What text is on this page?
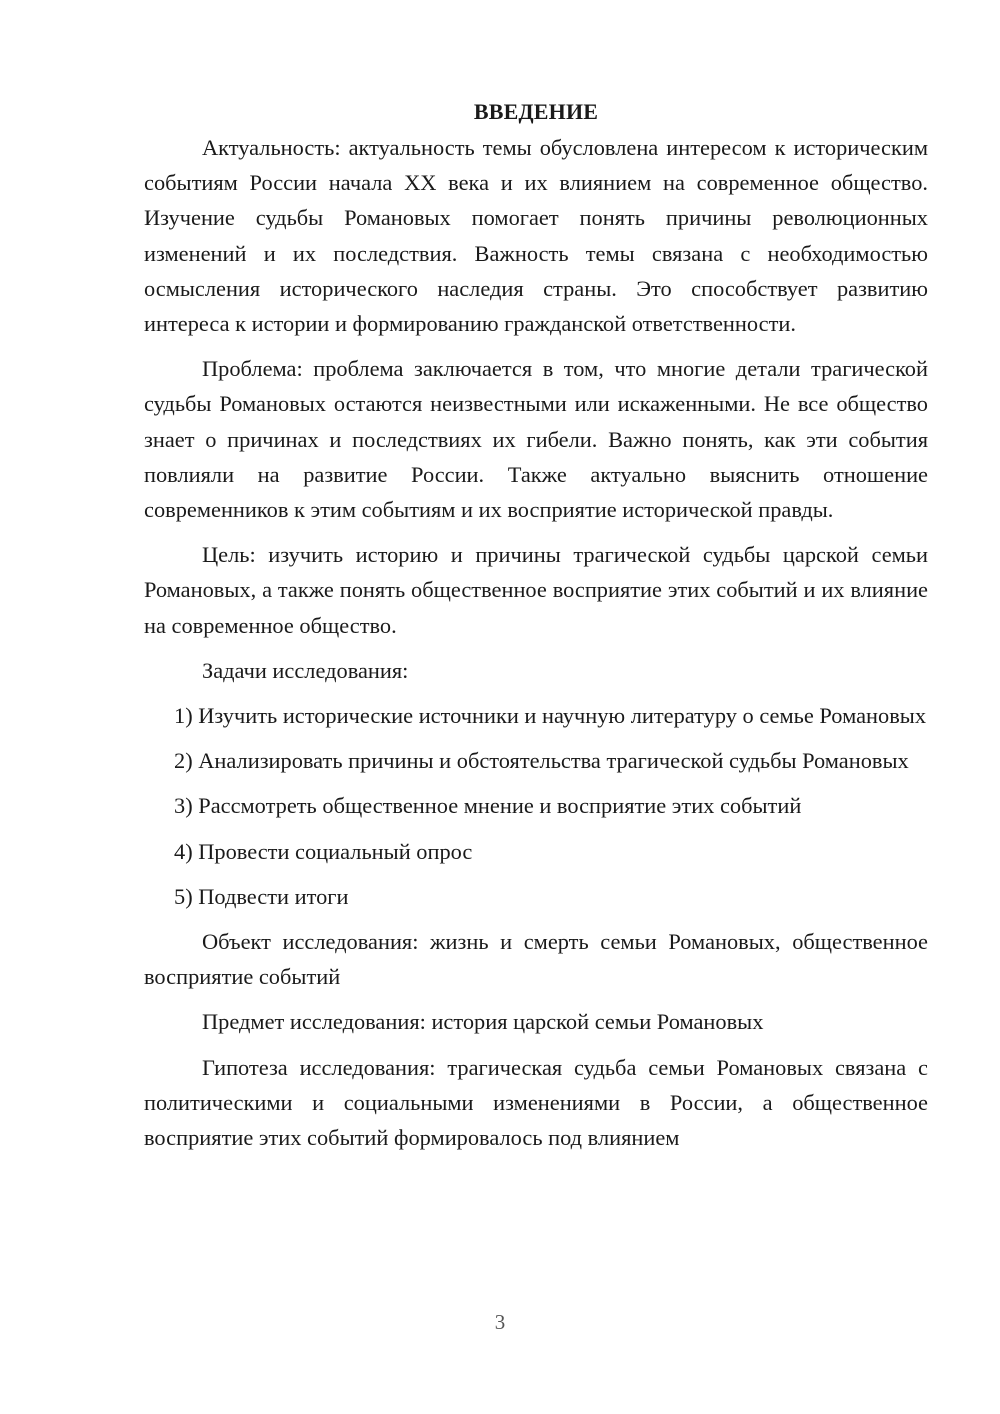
ВВЕДЕНИЕ

Актуальность: актуальность темы обусловлена интересом к историческим событиям России начала XX века и их влиянием на современное общество. Изучение судьбы Романовых помогает понять причины революционных изменений и их последствия. Важность темы связана с необходимостью осмысления исторического наследия страны. Это способствует развитию интереса к истории и формированию гражданской ответственности.

Проблема: проблема заключается в том, что многие детали трагической судьбы Романовых остаются неизвестными или искаженными. Не все общество знает о причинах и последствиях их гибели. Важно понять, как эти события повлияли на развитие России. Также актуально выяснить отношение современников к этим событиям и их восприятие исторической правды.

Цель: изучить историю и причины трагической судьбы царской семьи Романовых, а также понять общественное восприятие этих событий и их влияние на современное общество.

Задачи исследования:

1) Изучить исторические источники и научную литературу о семье Романовых

2) Анализировать причины и обстоятельства трагической судьбы Романовых

3) Рассмотреть общественное мнение и восприятие этих событий

4) Провести социальный опрос

5) Подвести итоги

Объект исследования: жизнь и смерть семьи Романовых, общественное восприятие событий

Предмет исследования: история царской семьи Романовых

Гипотеза исследования: трагическая судьба семьи Романовых связана с политическими и социальными изменениями в России, а общественное восприятие этих событий формировалось под влиянием

3
